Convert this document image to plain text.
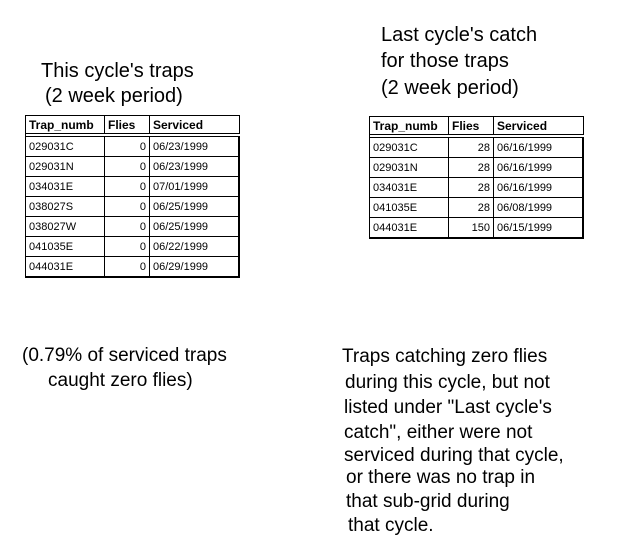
This cycle's traps
(2 week period)
Trap_numb	Flies	Serviced

029031C	0	06/23/1999
029031N	0	06/23/1999
034031E	0	07/01/1999
038027S	0	06/25/1999
038027W	0	06/25/1999
041035E	0	06/22/1999
044031E	0	06/29/1999
Last cycle's catch
for those traps
(2 week period)
Trap_numb	Flies	Serviced

029031C	28	06/16/1999
029031N	28	06/16/1999
034031E	28	06/16/1999
041035E	28	06/08/1999
044031E	150	06/15/1999
(0.79% of serviced traps
caught zero flies)
Traps catching zero flies
during this cycle, but not
listed under "Last cycle's
catch", either were not
serviced during that cycle,
or there was no trap in
that sub-grid during
that cycle.
